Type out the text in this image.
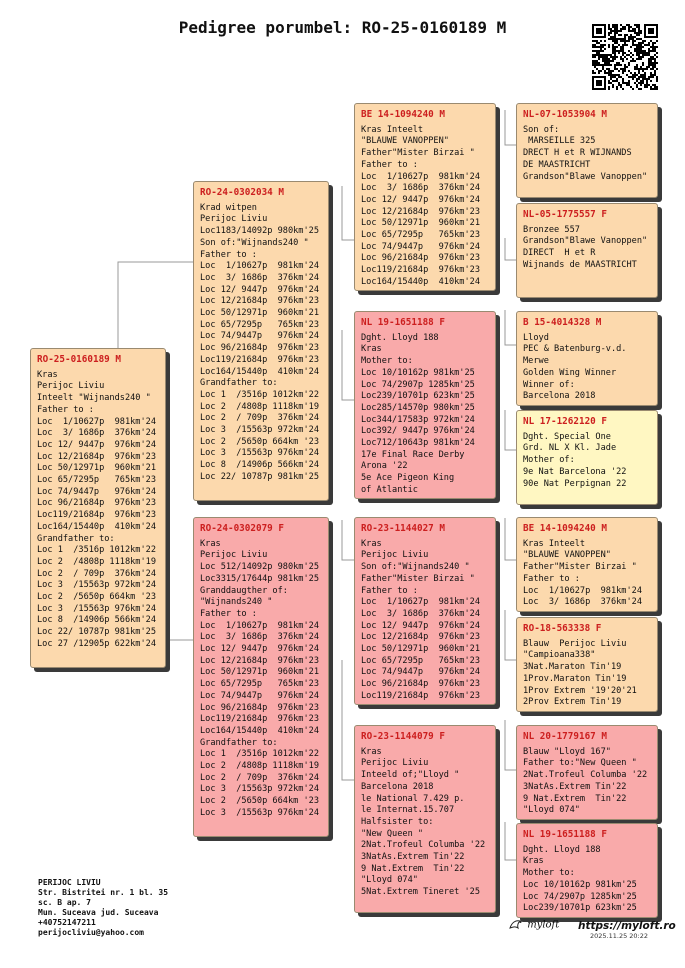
Pedigree porumbel: RO-25-0160189 M
RO-25-0160189 M
Kras
Perijoc Liviu
Inteelt "Wijnands240 "
Father to :
Loc  1/10627p  981km'24
Loc  3/ 1686p  376km'24
Loc 12/ 9447p  976km'24
Loc 12/21684p  976km'23
Loc 50/12971p  960km'21
Loc 65/7295p   765km'23
Loc 74/9447p   976km'24
Loc 96/21684p  976km'23
Loc119/21684p  976km'23
Loc164/15440p  410km'24
Grandfather to:
Loc 1  /3516p 1012km'22
Loc 2  /4808p 1118km'19
Loc 2  / 709p  376km'24
Loc 3  /15563p 972km'24
Loc 2  /5650p 664km '23
Loc 3  /15563p 976km'24
Loc 8  /14906p 566km'24
Loc 22/ 10787p 981km'25
Loc 27 /12905p 622km'24
RO-24-0302034 M
Krad witpen
Perijoc Liviu
Loc1183/14092p 980km'25
Son of:"Wijnands240 "
Father to :
Loc  1/10627p  981km'24
Loc  3/ 1686p  376km'24
Loc 12/ 9447p  976km'24
Loc 12/21684p  976km'23
Loc 50/12971p  960km'21
Loc 65/7295p   765km'23
Loc 74/9447p   976km'24
Loc 96/21684p  976km'23
Loc119/21684p  976km'23
Loc164/15440p  410km'24
Grandfather to:
Loc 1  /3516p 1012km'22
Loc 2  /4808p 1118km'19
Loc 2  / 709p  376km'24
Loc 3  /15563p 972km'24
Loc 2  /5650p 664km '23
Loc 3  /15563p 976km'24
Loc 8  /14906p 566km'24
Loc 22/ 10787p 981km'25
RO-24-0302079 F
Kras
Perijoc Liviu
Loc 512/14092p 980km'25
Loc3315/17644p 981km'25
Granddaugther of:
"Wijnands240 "
Father to :
Loc  1/10627p  981km'24
Loc  3/ 1686p  376km'24
Loc 12/ 9447p  976km'24
Loc 12/21684p  976km'23
Loc 50/12971p  960km'21
Loc 65/7295p   765km'23
Loc 74/9447p   976km'24
Loc 96/21684p  976km'23
Loc119/21684p  976km'23
Loc164/15440p  410km'24
Grandfather to:
Loc 1  /3516p 1012km'22
Loc 2  /4808p 1118km'19
Loc 2  / 709p  376km'24
Loc 3  /15563p 972km'24
Loc 2  /5650p 664km '23
Loc 3  /15563p 976km'24
BE 14-1094240 M
Kras Inteelt
"BLAUWE VANOPPEN"
Father"Mister Birzai "
Father to :
Loc  1/10627p  981km'24
Loc  3/ 1686p  376km'24
Loc 12/ 9447p  976km'24
Loc 12/21684p  976km'23
Loc 50/12971p  960km'21
Loc 65/7295p   765km'23
Loc 74/9447p   976km'24
Loc 96/21684p  976km'23
Loc119/21684p  976km'23
Loc164/15440p  410km'24
NL 19-1651188 F
Dght. Lloyd 188
Kras
Mother to:
Loc 10/10162p 981km'25
Loc 74/2907p 1285km'25
Loc239/10701p 623km'25
Loc285/14570p 980km'25
Loc344/17583p 972km'24
Loc392/ 9447p 976km'24
Loc712/10643p 981km'24
17e Final Race Derby
Arona '22
5e Ace Pigeon King
of Atlantic
RO-23-1144027 M
Kras
Perijoc Liviu
Son of:"Wijnands240 "
Father"Mister Birzai "
Father to :
Loc  1/10627p  981km'24
Loc  3/ 1686p  376km'24
Loc 12/ 9447p  976km'24
Loc 12/21684p  976km'23
Loc 50/12971p  960km'21
Loc 65/7295p   765km'23
Loc 74/9447p   976km'24
Loc 96/21684p  976km'23
Loc119/21684p  976km'23
RO-23-1144079 F
Kras
Perijoc Liviu
Inteeld of;"Lloyd "
Barcelona 2018
le National 7.429 p.
le Internat.15.707
Halfsister to:
"New Queen "
2Nat.Trofeul Columba '22
3NatAs.Extrem Tin'22
9 Nat.Extrem  Tin'22
"Lloyd 074"
5Nat.Extrem Tineret '25
NL-07-1053904 M
Son of:
MARSEILLE 325
DRECT H et R WIJNANDS
DE MAASTRICHT
Grandson"Blawe Vanoppen"
NL-05-1775557 F
Bronzee 557
Grandson"Blawe Vanoppen"
DIRECT  H et R
Wijnands de MAASTRICHT
B 15-4014328 M
Lloyd
PEC & Batenburg-v.d.
Merwe
Golden Wing Winner
Winner of:
Barcelona 2018
NL 17-1262120 F
Dght. Special One
Grd. NL X Kl. Jade
Mother of:
9e Nat Barcelona '22
90e Nat Perpignan 22
BE 14-1094240 M
Kras Inteelt
"BLAUWE VANOPPEN"
Father"Mister Birzai "
Father to :
Loc  1/10627p  981km'24
Loc  3/ 1686p  376km'24
RO-18-563338 F
Blauw  Perijoc Liviu
"Campioana338"
3Nat.Maraton Tin'19
1Prov.Maraton Tin'19
1Prov Extrem '19'20'21
2Prov Extrem Tin'19
NL 20-1779167 M
Blauw "Lloyd 167"
Father to:"New Queen "
2Nat.Trofeul Columba '22
3NatAs.Extrem Tin'22
9 Nat.Extrem  Tin'22
"Lloyd 074"
NL 19-1651188 F
Dght. Lloyd 188
Kras
Mother to:
Loc 10/10162p 981km'25
Loc 74/2907p 1285km'25
Loc239/10701p 623km'25
PERIJOC LIVIU
Str. Bistritei nr. 1 bl. 35
sc. B ap. 7
Mun. Suceava jud. Suceava
+40752147211
perijocliviu@yahoo.com
myloft https://myloft.ro
2025.11.25 20:22
